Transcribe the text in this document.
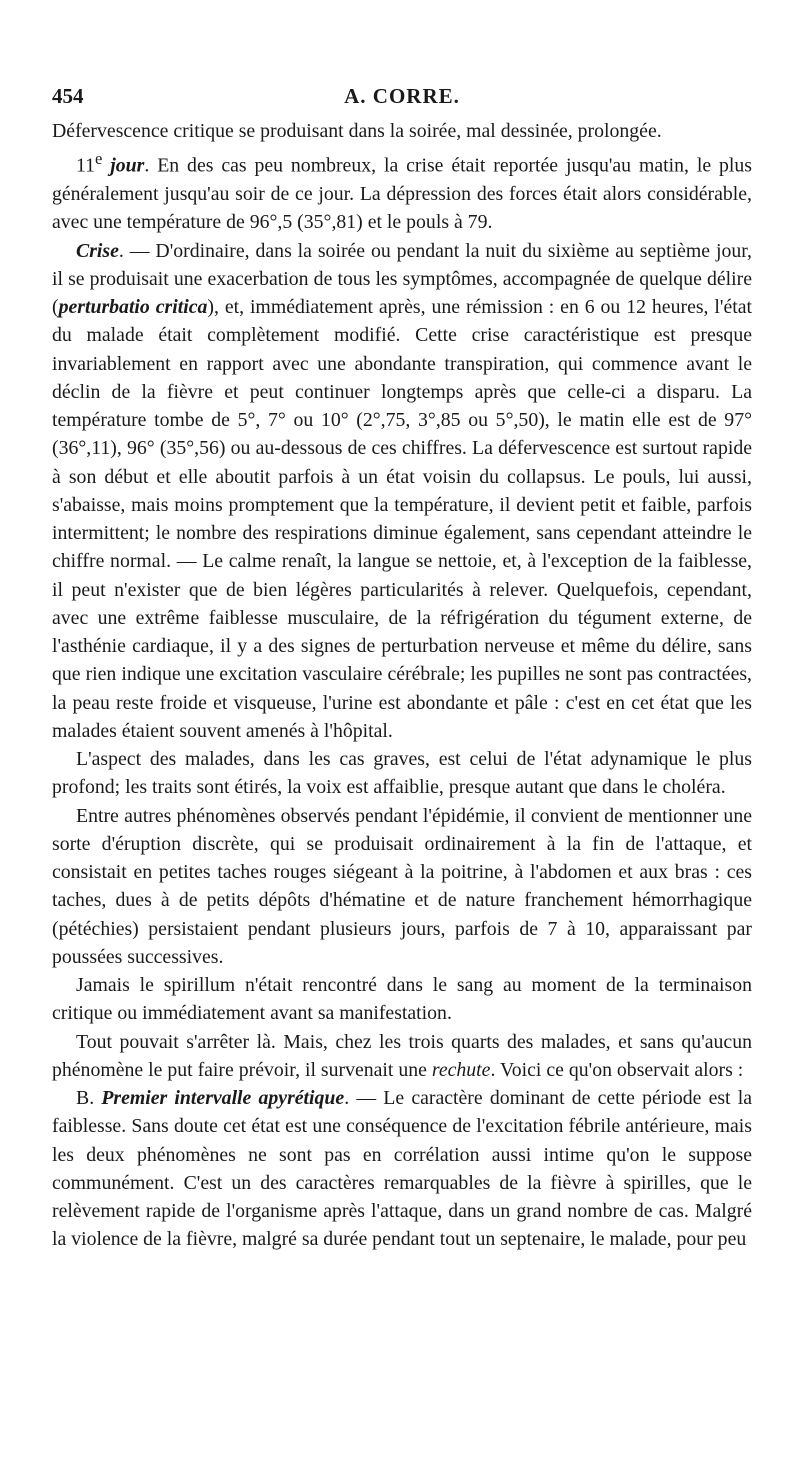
454	A. CORRE.

Défervescence critique se produisant dans la soirée, mal dessinée, prolongée.

11e jour. En des cas peu nombreux, la crise était reportée jusqu'au matin, le plus généralement jusqu'au soir de ce jour. La dépression des forces était alors considérable, avec une température de 96°,5 (35°,81) et le pouls à 79.

Crise. — D'ordinaire, dans la soirée ou pendant la nuit du sixième au septième jour, il se produisait une exacerbation de tous les symptômes, accompagnée de quelque délire (perturbatio critica), et, immédiatement après, une rémission : en 6 ou 12 heures, l'état du malade était complètement modifié. Cette crise caractéristique est presque invariablement en rapport avec une abondante transpiration, qui commence avant le déclin de la fièvre et peut continuer longtemps après que celle-ci a disparu. La température tombe de 5°, 7° ou 10° (2°,75, 3°,85 ou 5°,50), le matin elle est de 97° (36°,11), 96° (35°,56) ou au-dessous de ces chiffres. La défervescence est surtout rapide à son début et elle aboutit parfois à un état voisin du collapsus. Le pouls, lui aussi, s'abaisse, mais moins promptement que la température, il devient petit et faible, parfois intermittent; le nombre des respirations diminue également, sans cependant atteindre le chiffre normal. — Le calme renaît, la langue se nettoie, et, à l'exception de la faiblesse, il peut n'exister que de bien légères particularités à relever. Quelquefois, cependant, avec une extrême faiblesse musculaire, de la réfrigération du tégument externe, de l'asthénie cardiaque, il y a des signes de perturbation nerveuse et même du délire, sans que rien indique une excitation vasculaire cérébrale; les pupilles ne sont pas contractées, la peau reste froide et visqueuse, l'urine est abondante et pâle : c'est en cet état que les malades étaient souvent amenés à l'hôpital.

L'aspect des malades, dans les cas graves, est celui de l'état adynamique le plus profond; les traits sont étirés, la voix est affaiblie, presque autant que dans le choléra.

Entre autres phénomènes observés pendant l'épidémie, il convient de mentionner une sorte d'éruption discrète, qui se produisait ordinairement à la fin de l'attaque, et consistait en petites taches rouges siégeant à la poitrine, à l'abdomen et aux bras : ces taches, dues à de petits dépôts d'hématine et de nature franchement hémorrhagique (pétéchies) persistaient pendant plusieurs jours, parfois de 7 à 10, apparaissant par poussées successives.

Jamais le spirillum n'était rencontré dans le sang au moment de la terminaison critique ou immédiatement avant sa manifestation.

Tout pouvait s'arrêter là. Mais, chez les trois quarts des malades, et sans qu'aucun phénomène le put faire prévoir, il survenait une rechute. Voici ce qu'on observait alors :

B. Premier intervalle apyrétique. — Le caractère dominant de cette période est la faiblesse. Sans doute cet état est une conséquence de l'excitation fébrile antérieure, mais les deux phénomènes ne sont pas en corrélation aussi intime qu'on le suppose communément. C'est un des caractères remarquables de la fièvre à spirilles, que le relèvement rapide de l'organisme après l'attaque, dans un grand nombre de cas. Malgré la violence de la fièvre, malgré sa durée pendant tout un septenaire, le malade, pour peu
